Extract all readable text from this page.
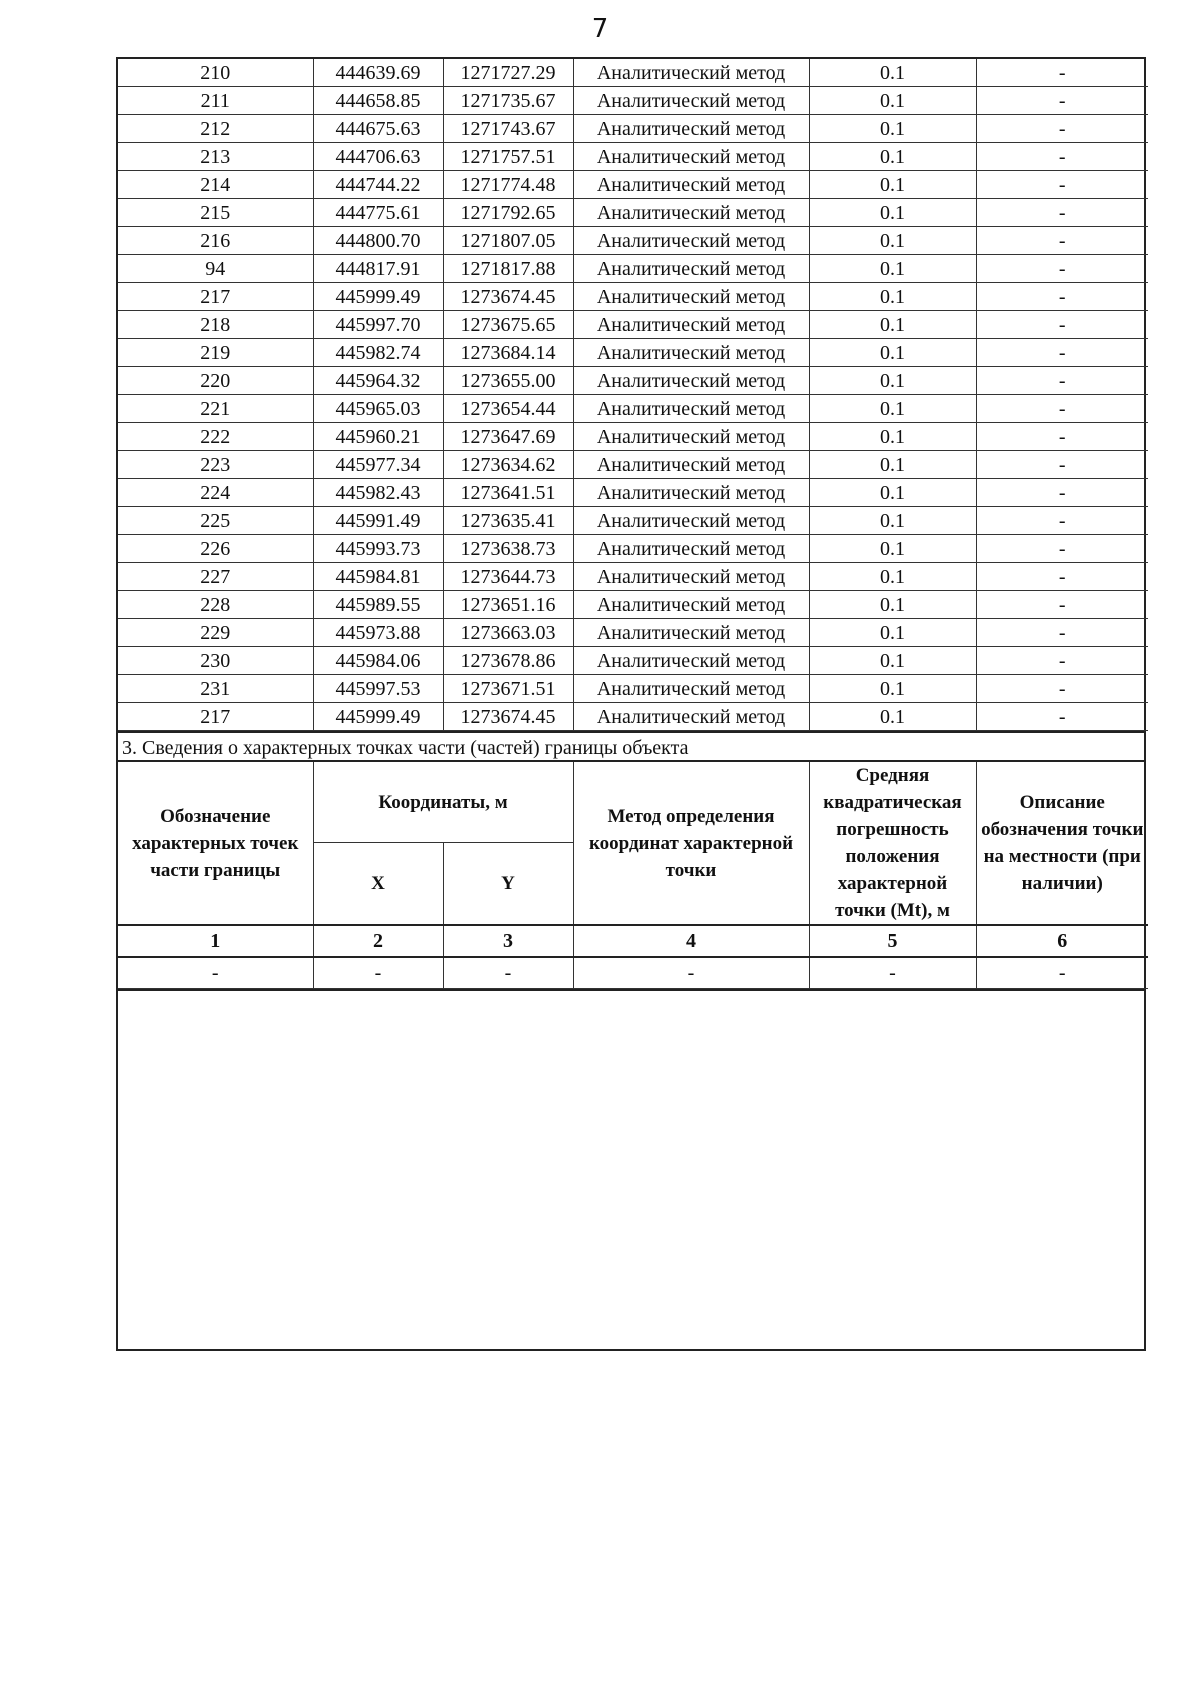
7
210	444639.69	1271727.29	Аналитический метод	0.1	-
211	444658.85	1271735.67	Аналитический метод	0.1	-
212	444675.63	1271743.67	Аналитический метод	0.1	-
213	444706.63	1271757.51	Аналитический метод	0.1	-
214	444744.22	1271774.48	Аналитический метод	0.1	-
215	444775.61	1271792.65	Аналитический метод	0.1	-
216	444800.70	1271807.05	Аналитический метод	0.1	-
94	444817.91	1271817.88	Аналитический метод	0.1	-
217	445999.49	1273674.45	Аналитический метод	0.1	-
218	445997.70	1273675.65	Аналитический метод	0.1	-
219	445982.74	1273684.14	Аналитический метод	0.1	-
220	445964.32	1273655.00	Аналитический метод	0.1	-
221	445965.03	1273654.44	Аналитический метод	0.1	-
222	445960.21	1273647.69	Аналитический метод	0.1	-
223	445977.34	1273634.62	Аналитический метод	0.1	-
224	445982.43	1273641.51	Аналитический метод	0.1	-
225	445991.49	1273635.41	Аналитический метод	0.1	-
226	445993.73	1273638.73	Аналитический метод	0.1	-
227	445984.81	1273644.73	Аналитический метод	0.1	-
228	445989.55	1273651.16	Аналитический метод	0.1	-
229	445973.88	1273663.03	Аналитический метод	0.1	-
230	445984.06	1273678.86	Аналитический метод	0.1	-
231	445997.53	1273671.51	Аналитический метод	0.1	-
217	445999.49	1273674.45	Аналитический метод	0.1	-
3. Сведения о характерных точках части (частей) границы объекта
Обозначение характерных точек части границы	Координаты, м		Метод определения координат характерной точки	Средняя квадратическая погрешность положения характерной точки (Mt), м	Описание обозначения точки на местности (при наличии)
	X	Y			
1	2	3	4	5	6
-	-	-	-	-	-
